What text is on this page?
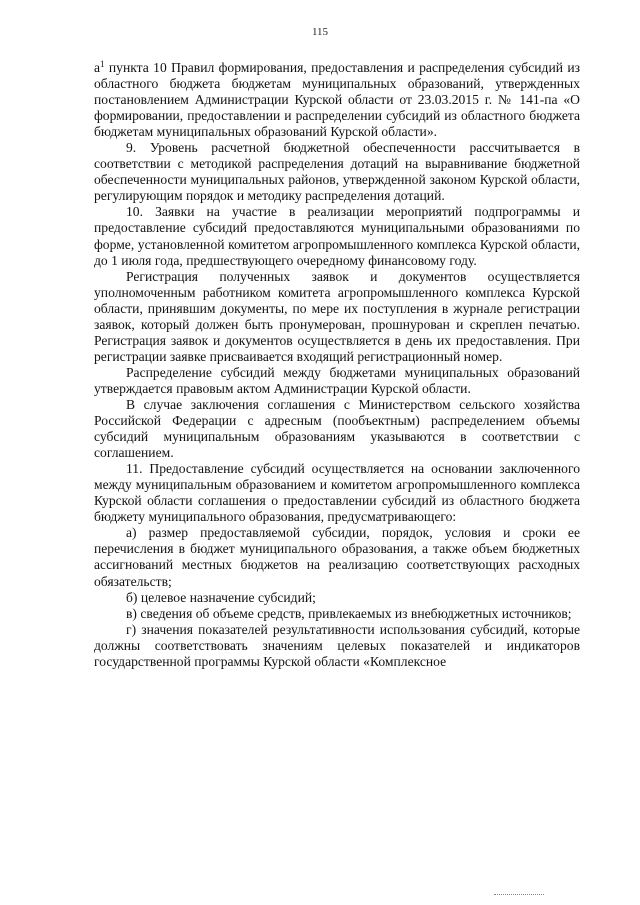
115

$а^1$ пункта 10 Правил формирования, предоставления и распределения субсидий из областного бюджета бюджетам муниципальных образований, утвержденных постановлением Администрации Курской области от 23.03.2015 г. № 141-па «О формировании, предоставлении и распределении субсидий из областного бюджета бюджетам муниципальных образований Курской области».

9. Уровень расчетной бюджетной обеспеченности рассчитывается в соответствии с методикой распределения дотаций на выравнивание бюджетной обеспеченности муниципальных районов, утвержденной законом Курской области, регулирующим порядок и методику распределения дотаций.

10. Заявки на участие в реализации мероприятий подпрограммы и предоставление субсидий предоставляются муниципальными образованиями по форме, установленной комитетом агропромышленного комплекса Курской области, до 1 июля года, предшествующего очередному финансовому году.

Регистрация полученных заявок и документов осуществляется уполномоченным работником комитета агропромышленного комплекса Курской области, принявшим документы, по мере их поступления в журнале регистрации заявок, который должен быть пронумерован, прошнурован и скреплен печатью. Регистрация заявок и документов осуществляется в день их предоставления. При регистрации заявке присваивается входящий регистрационный номер.

Распределение субсидий между бюджетами муниципальных образований утверждается правовым актом Администрации Курской области.

В случае заключения соглашения с Министерством сельского хозяйства Российской Федерации с адресным (пообъектным) распределением объемы субсидий муниципальным образованиям указываются в соответствии с соглашением.

11. Предоставление субсидий осуществляется на основании заключенного между муниципальным образованием и комитетом агропромышленного комплекса Курской области соглашения о предоставлении субсидий из областного бюджета бюджету муниципального образования, предусматривающего:

а) размер предоставляемой субсидии, порядок, условия и сроки ее перечисления в бюджет муниципального образования, а также объем бюджетных ассигнований местных бюджетов на реализацию соответствующих расходных обязательств;

б) целевое назначение субсидий;

в) сведения об объеме средств, привлекаемых из внебюджетных источников;

г) значения показателей результативности использования субсидий, которые должны соответствовать значениям целевых показателей и индикаторов государственной программы Курской области «Комплексное
